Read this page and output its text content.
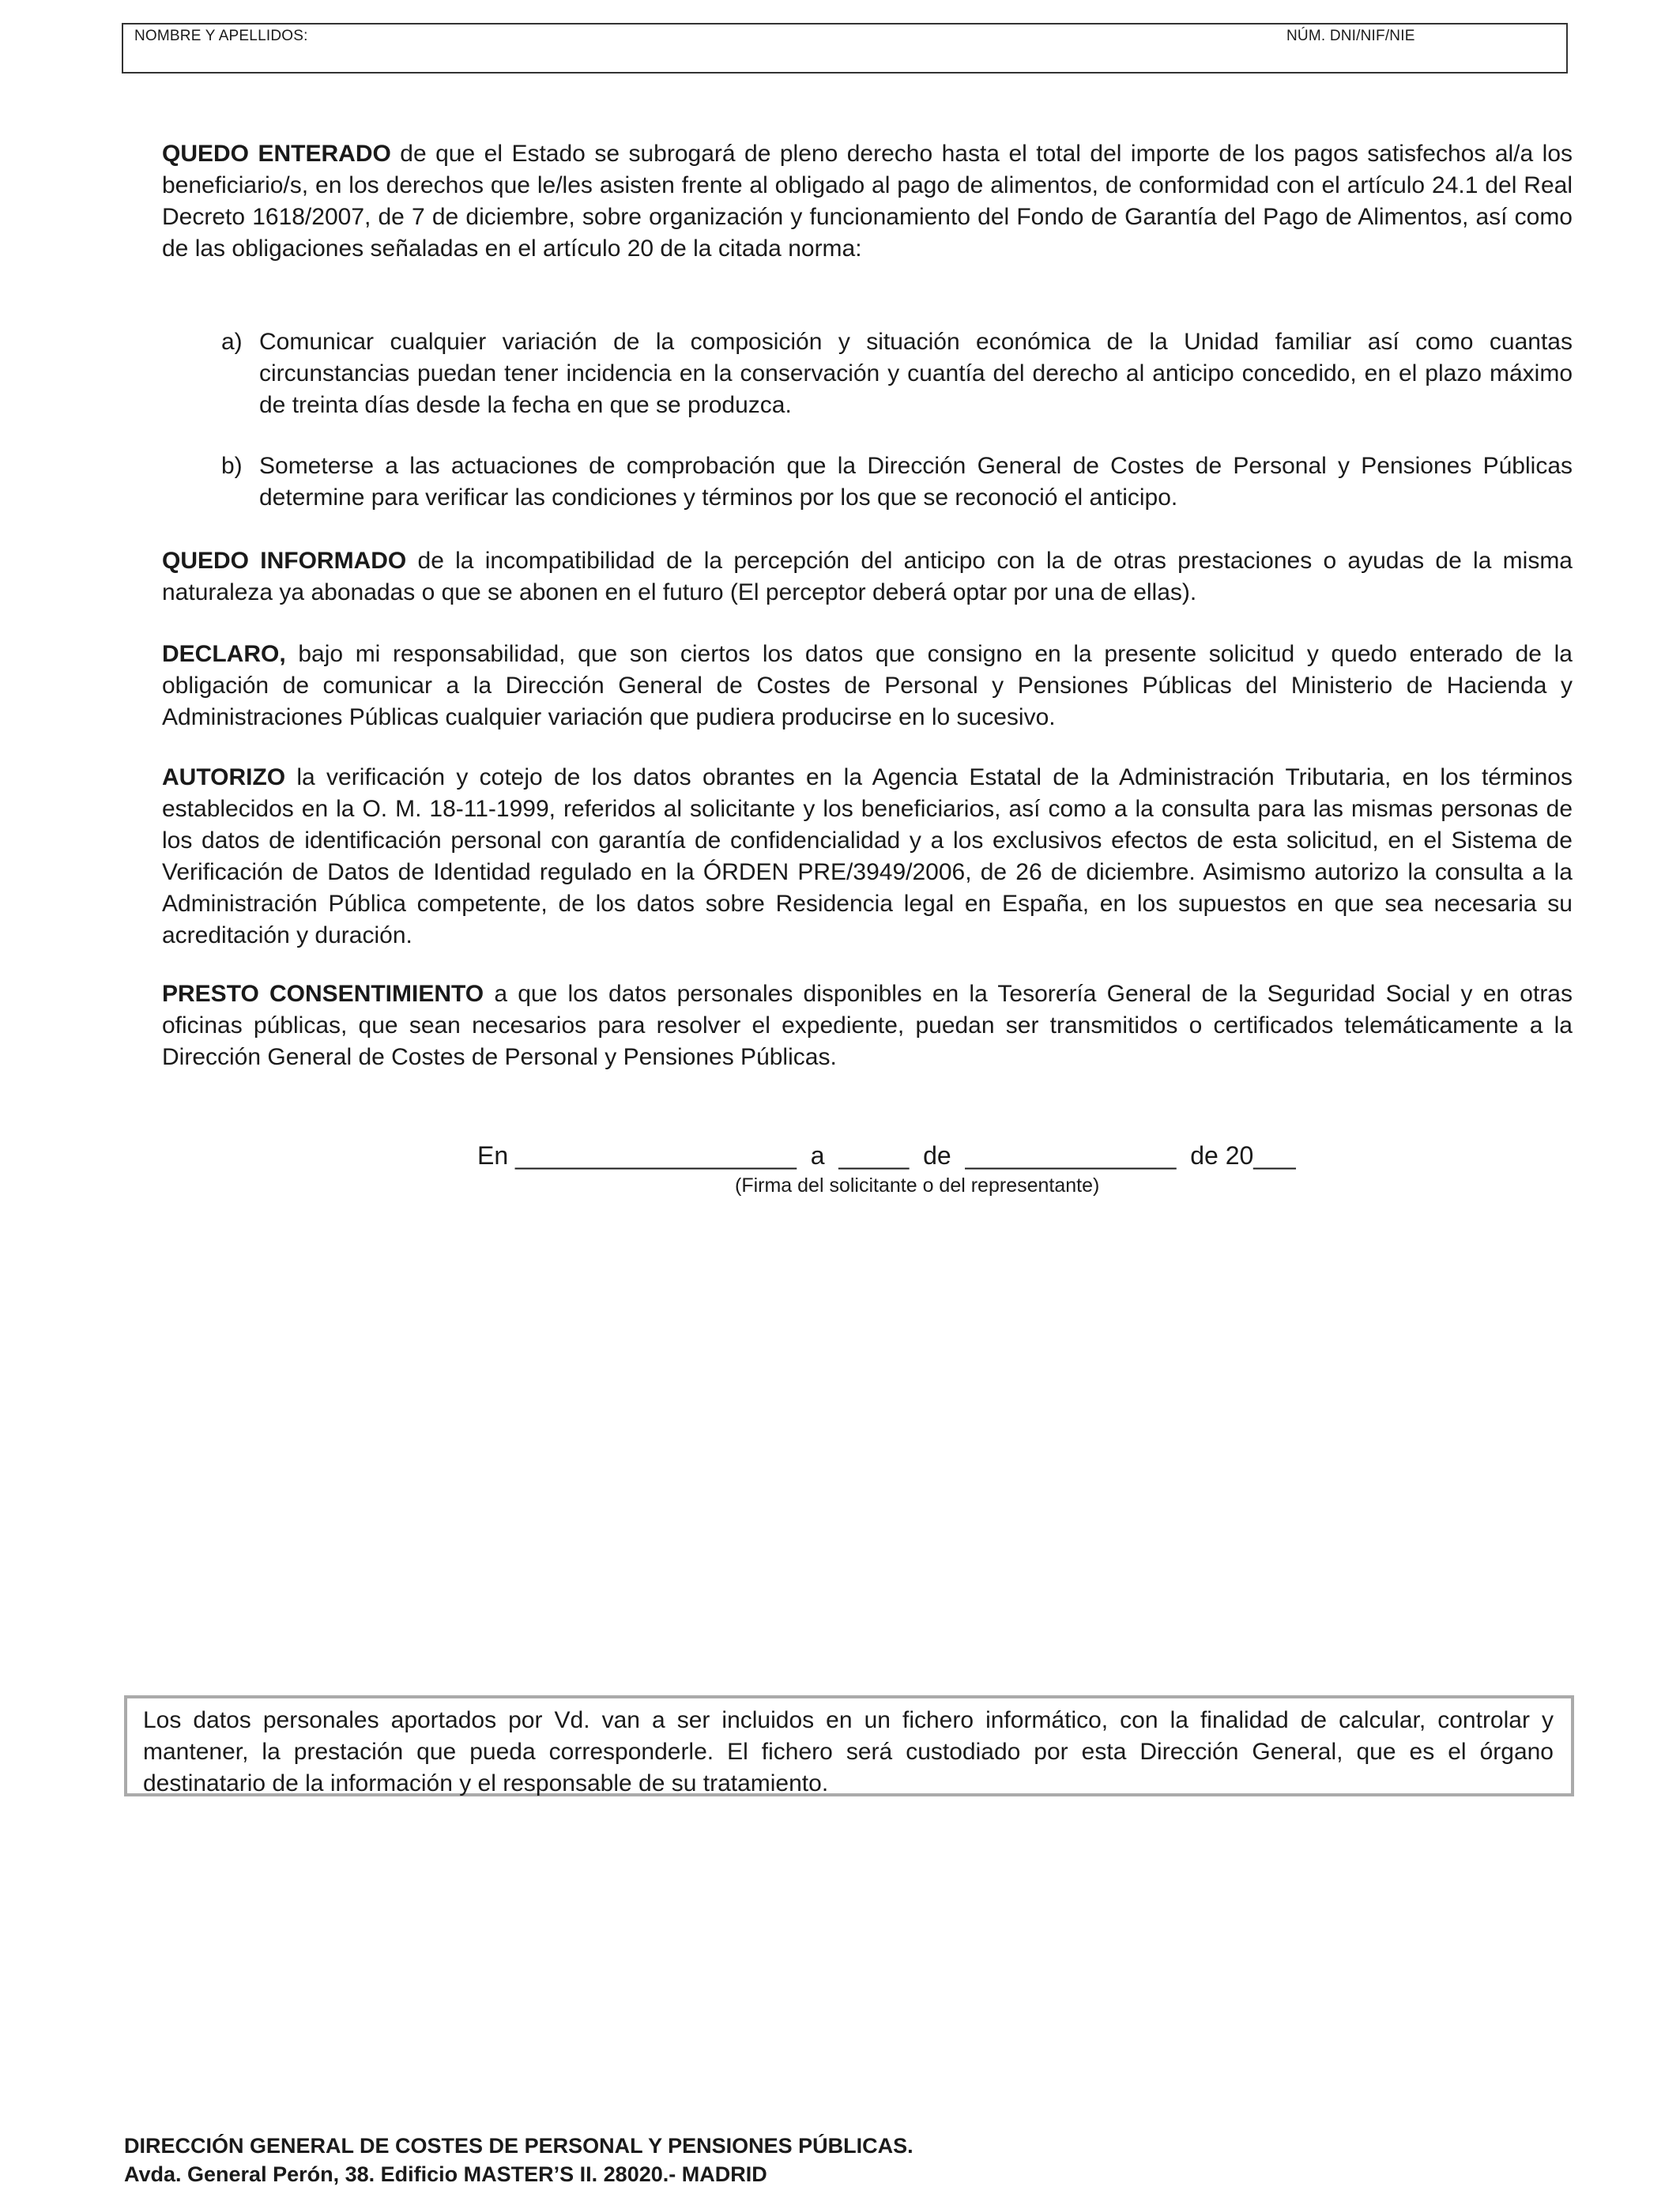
NOMBRE Y APELLIDOS:	NÚM. DNI/NIF/NIE
QUEDO ENTERADO de que el Estado se subrogará de pleno derecho hasta el total del importe de los pagos satisfechos al/a los beneficiario/s, en los derechos que le/les asisten frente al obligado al pago de alimentos, de conformidad con el artículo 24.1 del Real Decreto 1618/2007, de 7 de diciembre, sobre organización y funcionamiento del Fondo de Garantía del Pago de Alimentos, así como de las obligaciones señaladas en el artículo 20 de la citada norma:
a) Comunicar cualquier variación de la composición y situación económica de la Unidad familiar así como cuantas circunstancias puedan tener incidencia en la conservación y cuantía del derecho al anticipo concedido, en el plazo máximo de treinta días desde la fecha en que se produzca.
b) Someterse a las actuaciones de comprobación que la Dirección General de Costes de Personal y Pensiones Públicas determine para verificar las condiciones y términos por los que se reconoció el anticipo.
QUEDO INFORMADO de la incompatibilidad de la percepción del anticipo con la de otras prestaciones o ayudas de la misma naturaleza ya abonadas o que se abonen en el futuro (El perceptor deberá optar por una de ellas).
DECLARO, bajo mi responsabilidad, que son ciertos los datos que consigno en la presente solicitud y quedo enterado de la obligación de comunicar a la Dirección General de Costes de Personal y Pensiones Públicas del Ministerio de Hacienda y Administraciones Públicas cualquier variación que pudiera producirse en lo sucesivo.
AUTORIZO la verificación y cotejo de los datos obrantes en la Agencia Estatal de la Administración Tributaria, en los términos establecidos en la O. M. 18-11-1999, referidos al solicitante y los beneficiarios, así como a la consulta para las mismas personas de los datos de identificación personal con garantía de confidencialidad y a los exclusivos efectos de esta solicitud, en el Sistema de Verificación de Datos de Identidad regulado en la ÓRDEN PRE/3949/2006, de 26 de diciembre. Asimismo autorizo la consulta a la Administración Pública competente, de los datos sobre Residencia legal en España, en los supuestos en que sea necesaria su acreditación y duración.
PRESTO CONSENTIMIENTO a que los datos personales disponibles en la Tesorería General de la Seguridad Social y en otras oficinas públicas, que sean necesarios para resolver el expediente, puedan ser transmitidos o certificados telemáticamente a la Dirección General de Costes de Personal y Pensiones Públicas.
En ____________________  a  _____  de  _______________  de 20___
(Firma del solicitante o del representante)
Los datos personales aportados por Vd. van a ser incluidos en un fichero informático, con la finalidad de calcular, controlar y mantener, la prestación que pueda corresponderle. El fichero será custodiado por esta Dirección General, que es el órgano destinatario de la información y el responsable de su tratamiento.
DIRECCIÓN GENERAL DE COSTES DE PERSONAL Y PENSIONES PÚBLICAS.
Avda. General Perón, 38. Edificio MASTER’S II. 28020.- MADRID
